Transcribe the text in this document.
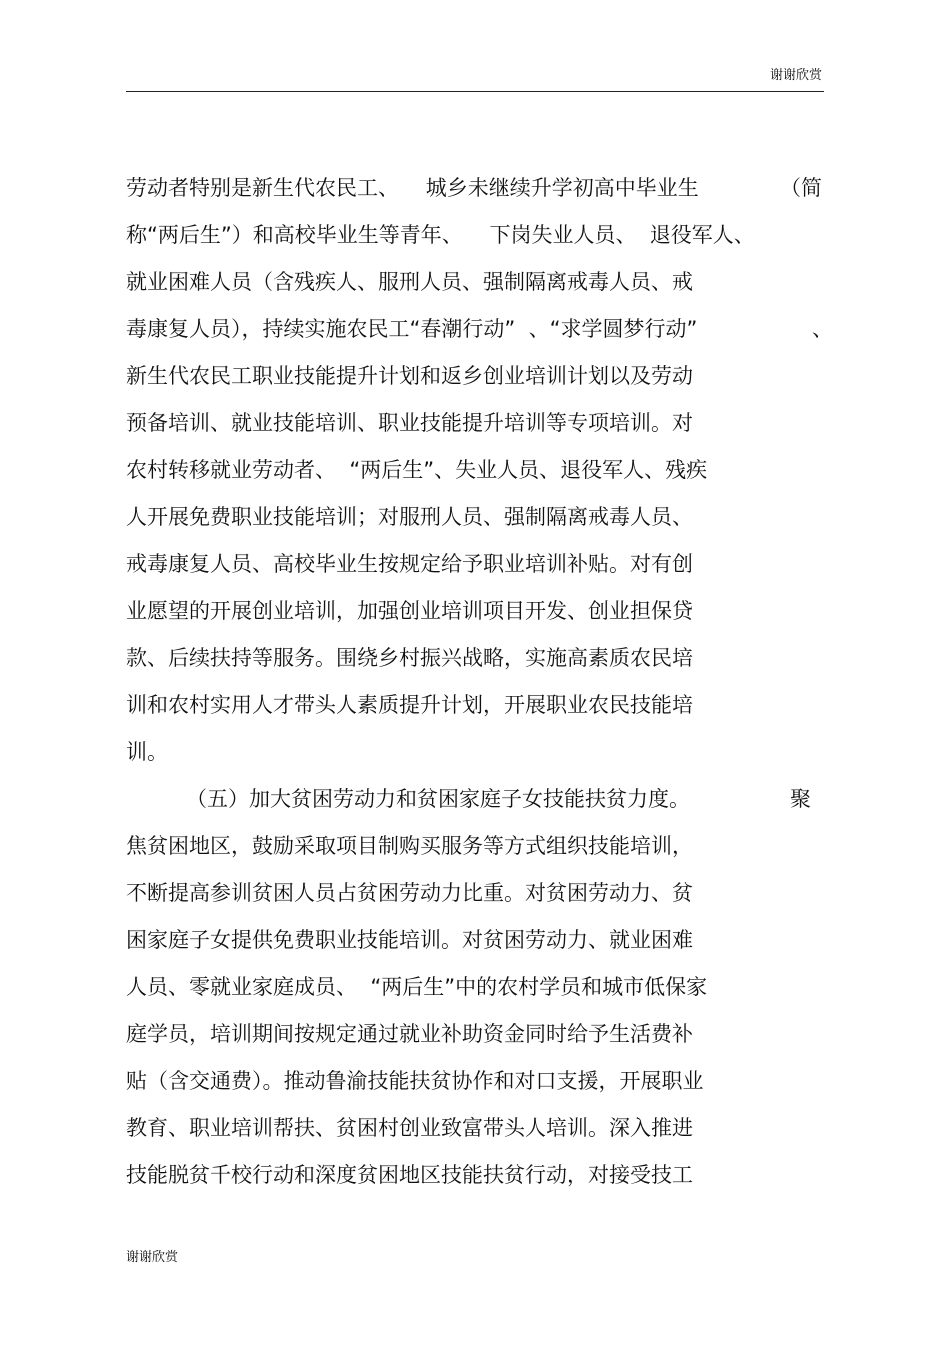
谢谢欣赏
劳动者特别是新生代农民工、    城乡未继续升学初高中毕业生	（简
称“两后生”）和高校毕业生等青年、    下岗失业人员、  退役军人、
就业困难人员（含残疾人、服刑人员、强制隔离戒毒人员、戒
毒康复人员），持续实施农民工“春潮行动”  、“求学圆梦行动”	、
新生代农民工职业技能提升计划和返乡创业培训计划以及劳动
预备培训、就业技能培训、职业技能提升培训等专项培训。对
农村转移就业劳动者、  “两后生”、失业人员、退役军人、残疾
人开展免费职业技能培训；对服刑人员、强制隔离戒毒人员、
戒毒康复人员、高校毕业生按规定给予职业培训补贴。对有创
业愿望的开展创业培训，加强创业培训项目开发、创业担保贷
款、后续扶持等服务。围绕乡村振兴战略，实施高素质农民培
训和农村实用人才带头人素质提升计划，开展职业农民技能培
训。
（五）加大贫困劳动力和贫困家庭子女技能扶贫力度。	聚
焦贫困地区，鼓励采取项目制购买服务等方式组织技能培训，
不断提高参训贫困人员占贫困劳动力比重。对贫困劳动力、贫
困家庭子女提供免费职业技能培训。对贫困劳动力、就业困难
人员、零就业家庭成员、  “两后生”中的农村学员和城市低保家
庭学员，培训期间按规定通过就业补助资金同时给予生活费补
贴（含交通费）。推动鲁渝技能扶贫协作和对口支援，开展职业
教育、职业培训帮扶、贫困村创业致富带头人培训。深入推进
技能脱贫千校行动和深度贫困地区技能扶贫行动，对接受技工
谢谢欣赏
